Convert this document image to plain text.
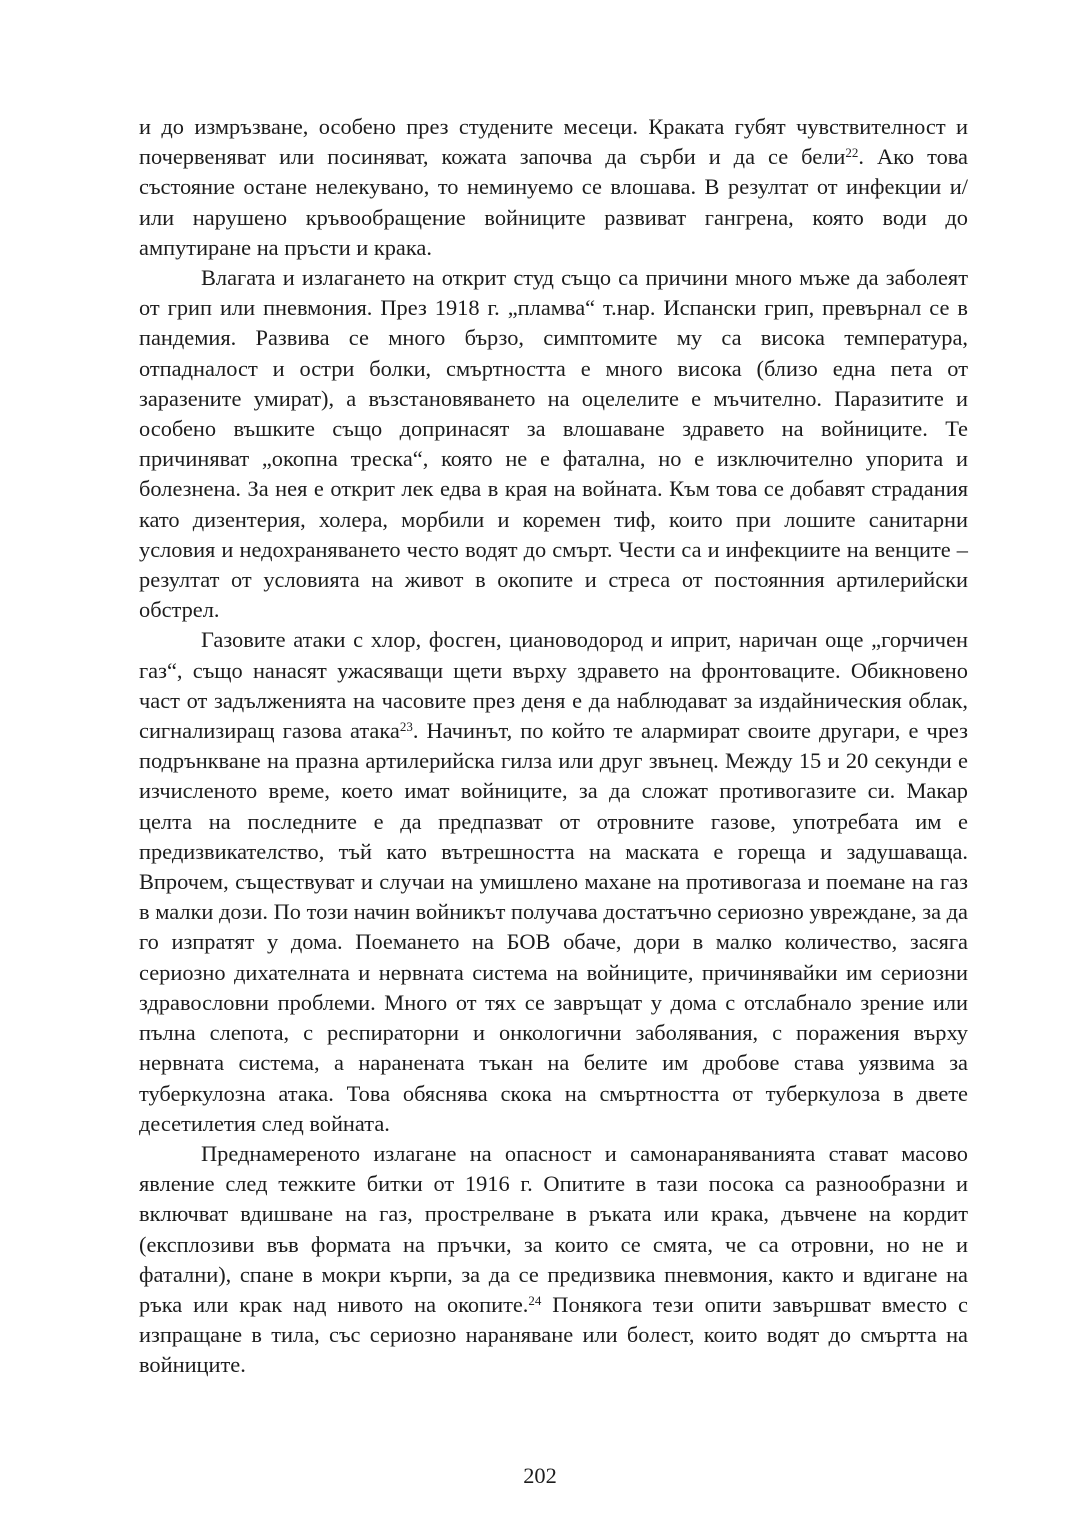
и до измръзване, особено през студените месеци. Краката губят чувствителност и почервеняват или посиняват, кожата започва да сърби и да се бели$^{22}$. Ако това състояние остане нелекувано, то неминуемо се влошава. В резултат от инфекции и/или нарушено кръвообращение войниците развиват гангрена, която води до ампутиране на пръсти и крака.

Влагата и излагането на открит студ също са причини много мъже да заболеят от грип или пневмония. През 1918 г. „пламва“ т.нар. Испански грип, превърнал се в пандемия. Развива се много бързо, симптомите му са висока температура, отпадналост и остри болки, смъртността е много висока (близо една пета от заразените умират), а възстановяването на оцелелите е мъчително. Паразитите и особено въшките също допринасят за влошаване здравето на войниците. Те причиняват „окопна треска“, която не е фатална, но е изключително упорита и болезнена. За нея е открит лек едва в края на войната. Към това се добавят страдания като дизентерия, холера, морбили и коремен тиф, които при лошите санитарни условия и недохраняването често водят до смърт. Чести са и инфекциите на венците – резултат от условията на живот в окопите и стреса от постоянния артилерийски обстрел.

Газовите атаки с хлор, фосген, циановодород и иприт, наричан още „горчичен газ“, също нанасят ужасяващи щети върху здравето на фронтоваците. Обикновено част от задълженията на часовите през деня е да наблюдават за издайническия облак, сигнализиращ газова атака$^{23}$. Начинът, по който те алармират своите другари, е чрез подрънкване на празна артилерийска гилза или друг звънец. Между 15 и 20 секунди е изчисленото време, което имат войниците, за да сложат противогазите си. Макар целта на последните е да предпазват от отровните газове, употребата им е предизвикателство, тъй като вътрешността на маската е гореща и задушаваща. Впрочем, съществуват и случаи на умишлено махане на противогаза и поемане на газ в малки дози. По този начин войникът получава достатъчно сериозно увреждане, за да го изпратят у дома. Поемането на БОВ обаче, дори в малко количество, засяга сериозно дихателната и нервната система на войниците, причинявайки им сериозни здравословни проблеми. Много от тях се завръщат у дома с отслабнало зрение или пълна слепота, с респираторни и онкологични заболявания, с поражения върху нервната система, а наранената тъкан на белите им дробове става уязвима за туберкулозна атака. Това обяснява скока на смъртността от туберкулоза в двете десетилетия след войната.

Преднамереното излагане на опасност и самонараняванията стават масово явление след тежките битки от 1916 г. Опитите в тази посока са разнообразни и включват вдишване на газ, прострелване в ръката или крака, дъвчене на кордит (експлозиви във формата на пръчки, за които се смята, че са отровни, но не и фатални), спане в мокри кърпи, за да се предизвика пневмония, както и вдигане на ръка или крак над нивото на окопите.$^{24}$ Понякога тези опити завършват вместо с изпращане в тила, със сериозно нараняване или болест, които водят до смъртта на войниците.

202
